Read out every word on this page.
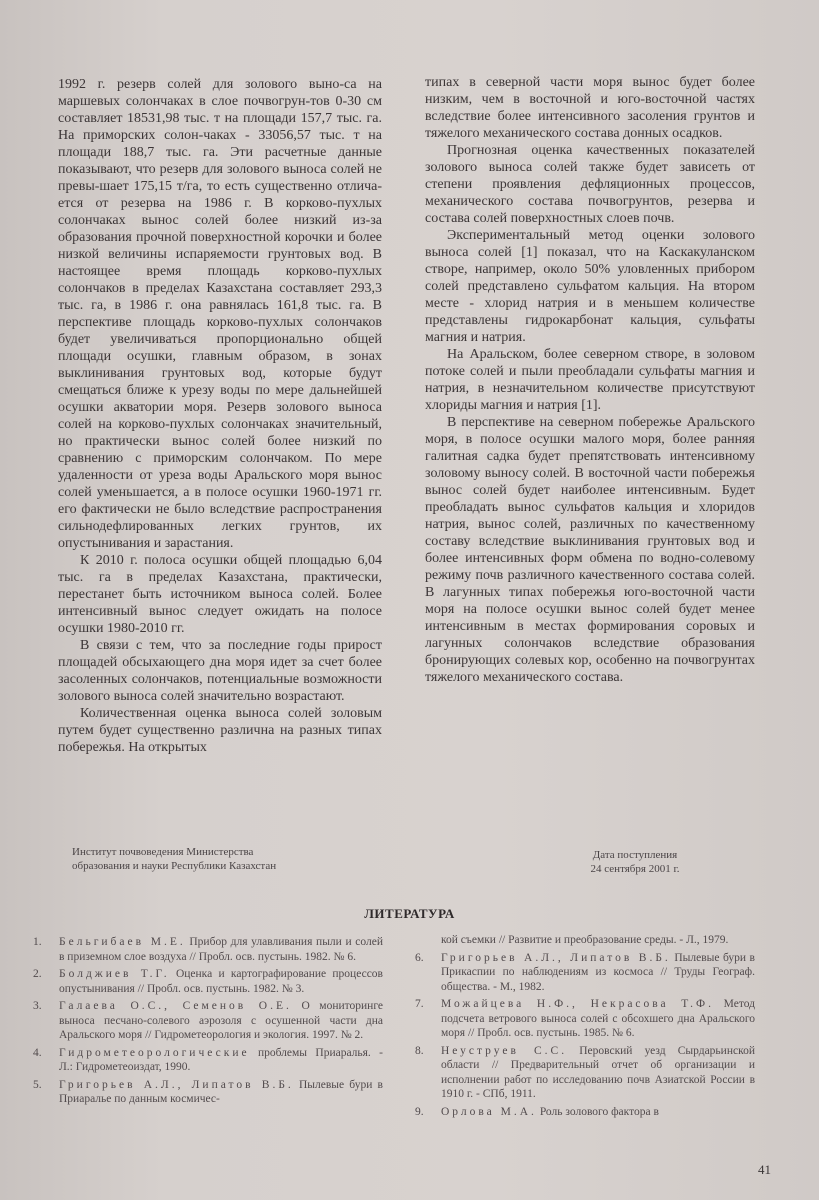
1992 г. резерв солей для золового выно-са на маршевых солончаках в слое почвогрун-тов 0-30 см составляет 18531,98 тыс. т на площади 157,7 тыс. га. На приморских солон-чаках - 33056,57 тыс. т на площади 188,7 тыс. га. Эти расчетные данные показывают, что резерв для золового выноса солей не превы-шает 175,15 т/га, то есть существенно отлича-ется от резерва на 1986 г. В корково-пухлых солончаках вынос солей более низкий из-за образования прочной поверхностной корочки и более низкой величины испаряемости грунтовых вод. В настоящее время площадь корково-пухлых солончаков в пределах Казахстана составляет 293,3 тыс. га, в 1986 г. она равнялась 161,8 тыс. га. В перспективе площадь корково-пухлых солончаков будет увеличиваться пропорционально общей площади осушки, главным образом, в зонах выклинивания грунтовых вод, которые будут смещаться ближе к урезу воды по мере дальнейшей осушки акватории моря. Резерв золового выноса солей на корково-пухлых солончаках значительный, но практически вынос солей более низкий по сравнению с приморским солончаком. По мере удаленности от уреза воды Аральского моря вынос солей уменьшается, а в полосе осушки 1960-1971 гг. его фактически не было вследствие распространения сильнодефлированных легких грунтов, их опустынивания и зарастания.

К 2010 г. полоса осушки общей площадью 6,04 тыс. га в пределах Казахстана, практически, перестанет быть источником выноса солей. Более интенсивный вынос следует ожидать на полосе осушки 1980-2010 гг.

В связи с тем, что за последние годы прирост площадей обсыхающего дна моря идет за счет более засоленных солончаков, потенциальные возможности золового выноса солей значительно возрастают.

Количественная оценка выноса солей золовым путем будет существенно различна на разных типах побережья. На открытых

типах в северной части моря вынос будет более низким, чем в восточной и юго-восточной частях вследствие более интенсивного засоления грунтов и тяжелого механического состава донных осадков.

Прогнозная оценка качественных показателей золового выноса солей также будет зависеть от степени проявления дефляционных процессов, механического состава почвогрунтов, резерва и состава солей поверхностных слоев почв.

Экспериментальный метод оценки золового выноса солей [1] показал, что на Каскакуланском створе, например, около 50% уловленных прибором солей представлено сульфатом кальция. На втором месте - хлорид натрия и в меньшем количестве представлены гидрокарбонат кальция, сульфаты магния и натрия.

На Аральском, более северном створе, в золовом потоке солей и пыли преобладали сульфаты магния и натрия, в незначительном количестве присутствуют хлориды магния и натрия [1].

В перспективе на северном побережье Аральского моря, в полосе осушки малого моря, более ранняя галитная садка будет препятствовать интенсивному золовому выносу солей. В восточной части побережья вынос солей будет наиболее интенсивным. Будет преобладать вынос сульфатов кальция и хлоридов натрия, вынос солей, различных по качественному составу вследствие выклинивания грунтовых вод и более интенсивных форм обмена по водно-солевому режиму почв различного качественного состава солей. В лагунных типах побережья юго-восточной части моря на полосе осушки вынос солей будет менее интенсивным в местах формирования соровых и лагунных солончаков вследствие образования бронирующих солевых кор, особенно на почвогрунтах тяжелого механического состава.

Институт почвоведения Министерства
образования и науки Республики Казахстан
Дата поступления
24 сентября 2001 г.
ЛИТЕРАТУРА
1.	Бельгибаев М.Е. Прибор для улавливания пыли и солей в приземном слое воздуха // Пробл. осв. пустынь. 1982. № 6.
2.	Болджиев Т.Г. Оценка и картографирование процессов опустынивания // Пробл. осв. пустынь. 1982. № 3.
3.	Галаева О.С., Семенов О.Е. О мониторинге выноса песчано-солевого аэрозоля с осушенной части дна Аральского моря // Гидрометеорология и экология. 1997. № 2.
4.	Гидрометеорологические проблемы Приаралья. - Л.: Гидрометеоиздат, 1990.
5.	Григорьев А.Л., Липатов В.Б. Пылевые бури в Приаралье по данным космичес-
кой съемки // Развитие и преобразование среды. - Л., 1979.
6.	Григорьев А.Л., Липатов В.Б. Пылевые бури в Прикаспии по наблюдениям из космоса // Труды Географ. общества. - М., 1982.
7.	Можайцева Н.Ф., Некрасова Т.Ф. Метод подсчета ветрового выноса солей с обсохшего дна Аральского моря // Пробл. осв. пустынь. 1985. № 6.
8.	Неуструев С.С. Перовский уезд Сырдарьинской области // Предварительный отчет об организации и исполнении работ по исследованию почв Азиатской России в 1910 г. - СПб, 1911.
9.	Орлова М.А. Роль золового фактора в
41
